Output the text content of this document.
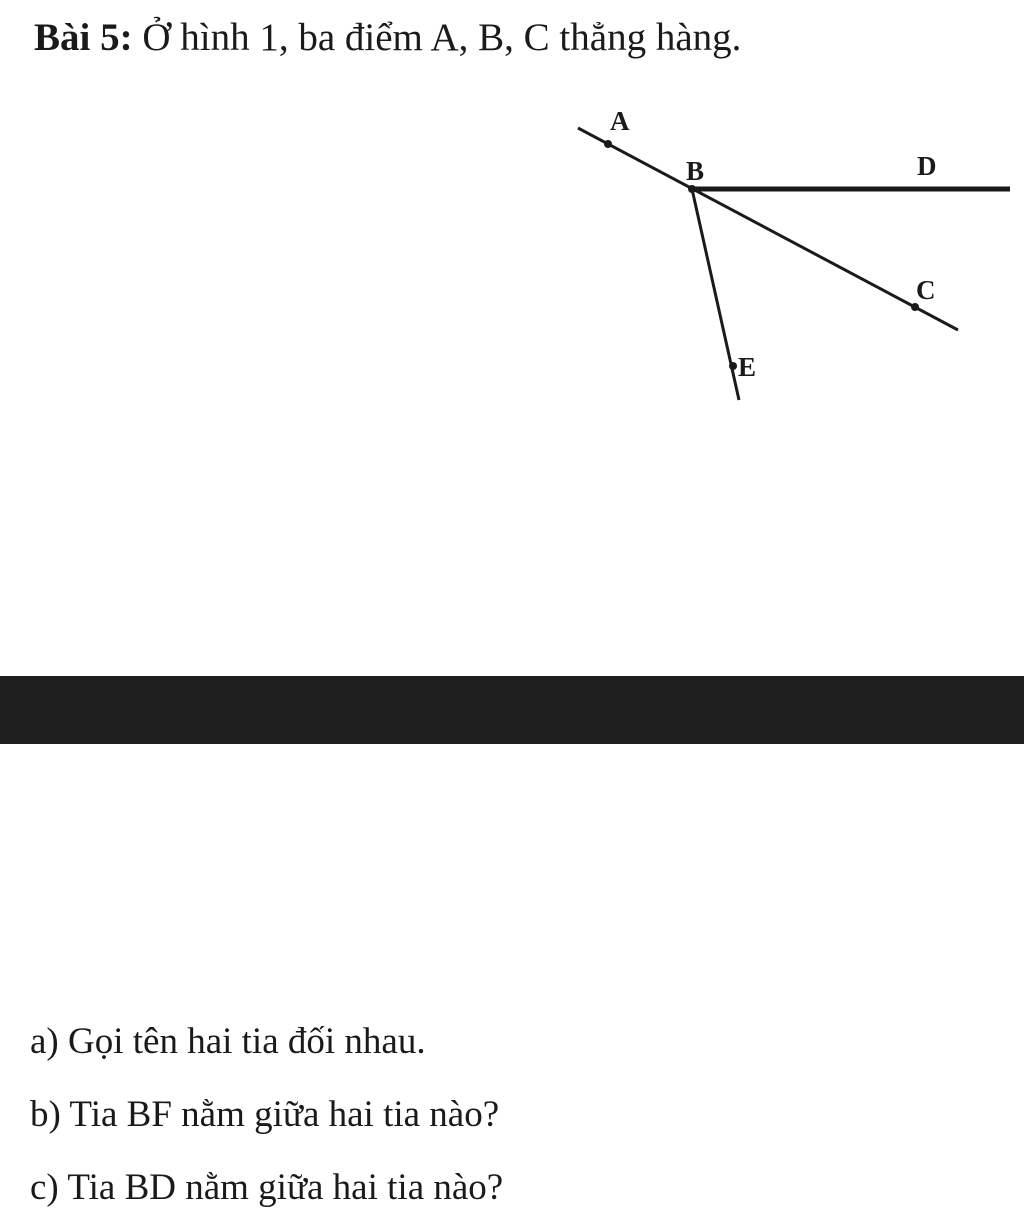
Bài 5: Ở hình 1, ba điểm A, B, C thẳng hàng.
A
B
C
D
E
a) Gọi tên hai tia đối nhau.
b) Tia BF nằm giữa hai tia nào?
c) Tia BD nằm giữa hai tia nào?
